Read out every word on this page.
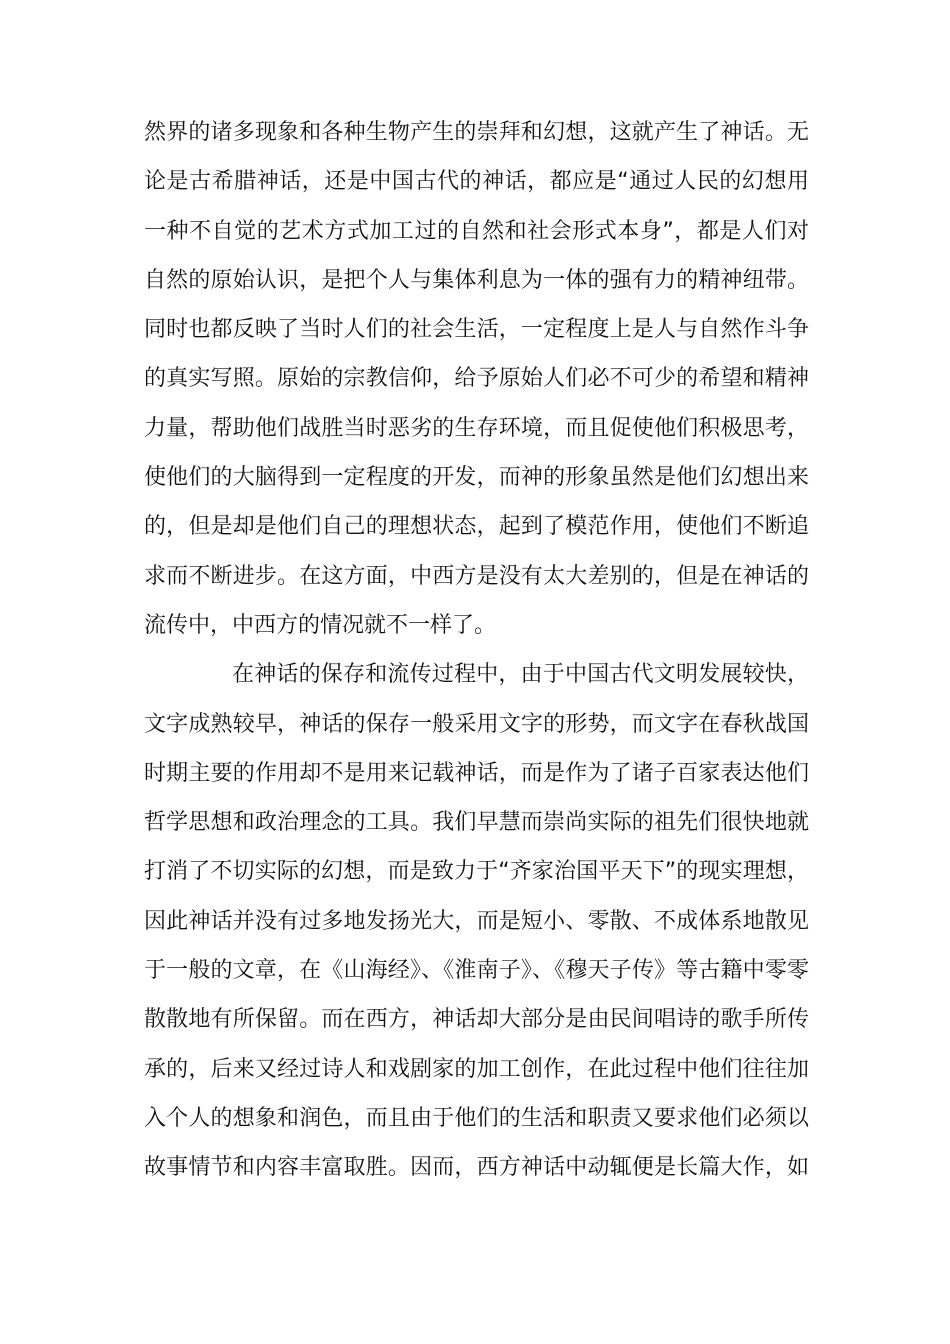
然界的诸多现象和各种生物产生的崇拜和幻想，这就产生了神话。无
论是古希腊神话，还是中国古代的神话，都应是“通过人民的幻想用
一种不自觉的艺术方式加工过的自然和社会形式本身”，都是人们对
自然的原始认识，是把个人与集体利息为一体的强有力的精神纽带。
同时也都反映了当时人们的社会生活，一定程度上是人与自然作斗争
的真实写照。原始的宗教信仰，给予原始人们必不可少的希望和精神
力量，帮助他们战胜当时恶劣的生存环境，而且促使他们积极思考，
使他们的大脑得到一定程度的开发，而神的形象虽然是他们幻想出来
的，但是却是他们自己的理想状态，起到了模范作用，使他们不断追
求而不断进步。在这方面，中西方是没有太大差别的，但是在神话的
流传中，中西方的情况就不一样了。
在神话的保存和流传过程中，由于中国古代文明发展较快，
文字成熟较早，神话的保存一般采用文字的形势，而文字在春秋战国
时期主要的作用却不是用来记载神话，而是作为了诸子百家表达他们
哲学思想和政治理念的工具。我们早慧而崇尚实际的祖先们很快地就
打消了不切实际的幻想，而是致力于“齐家治国平天下”的现实理想，
因此神话并没有过多地发扬光大，而是短小、零散、不成体系地散见
于一般的文章，在《山海经》、《淮南子》、《穆天子传》等古籍中零零
散散地有所保留。而在西方，神话却大部分是由民间唱诗的歌手所传
承的，后来又经过诗人和戏剧家的加工创作，在此过程中他们往往加
入个人的想象和润色，而且由于他们的生活和职责又要求他们必须以
故事情节和内容丰富取胜。因而，西方神话中动辄便是长篇大作，如
